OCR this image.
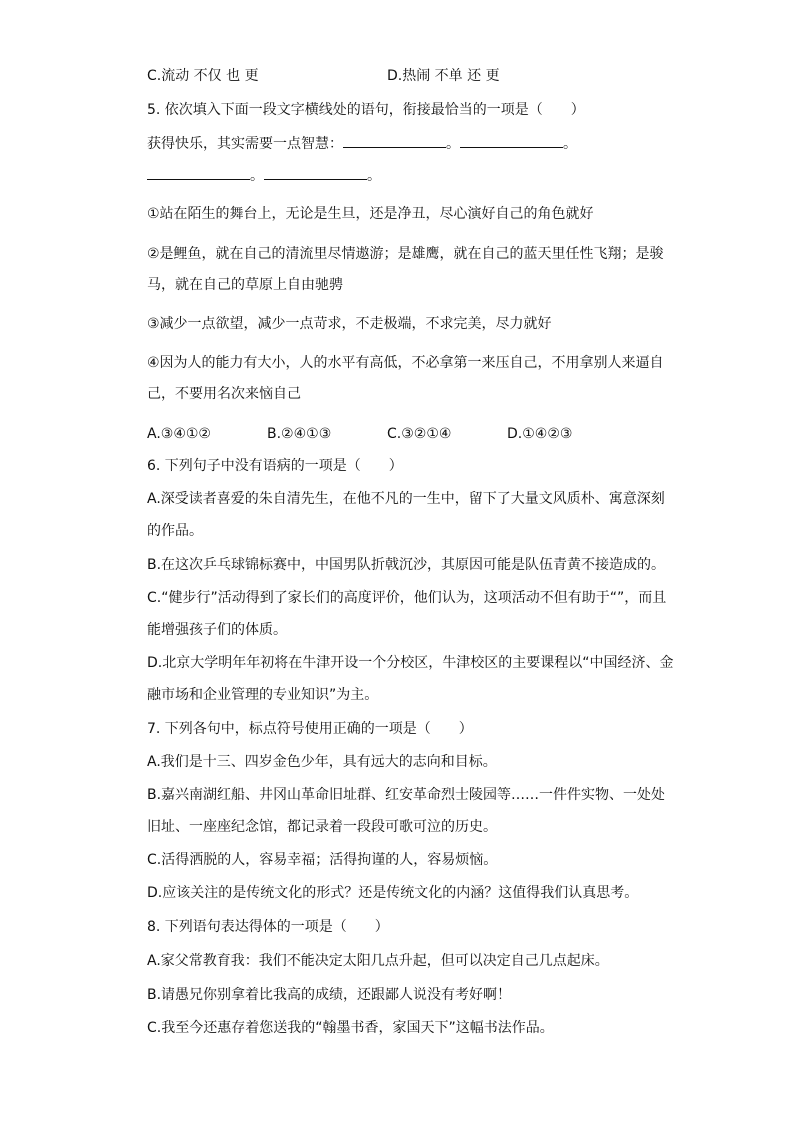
C.流动 不仅 也 更	D.热闹 不单 还 更
5. 依次填入下面一段文字横线处的语句，衔接最恰当的一项是（　　）
获得快乐，其实需要一点智慧：	。	。
。	。
①站在陌生的舞台上，无论是生旦，还是净丑，尽心演好自己的角色就好
②是鲤鱼，就在自己的清流里尽情遨游；是雄鹰，就在自己的蓝天里任性飞翔；是骏
马，就在自己的草原上自由驰骋
③减少一点欲望，减少一点苛求，不走极端，不求完美，尽力就好
④因为人的能力有大小，人的水平有高低，不必拿第一来压自己，不用拿别人来逼自
己，不要用名次来恼自己
A.③④①②	B.②④①③	C.③②①④	D.①④②③
6. 下列句子中没有语病的一项是（　　）
A.深受读者喜爱的朱自清先生，在他不凡的一生中，留下了大量文风质朴、寓意深刻
的作品。
B.在这次乒乓球锦标赛中，中国男队折戟沉沙，其原因可能是队伍青黄不接造成的。
C.“健步行”活动得到了家长们的高度评价，他们认为，这项活动不但有助于“”，而且
能增强孩子们的体质。
D.北京大学明年年初将在牛津开设一个分校区，牛津校区的主要课程以“中国经济、金
融市场和企业管理的专业知识”为主。
7. 下列各句中，标点符号使用正确的一项是（　　）
A.我们是十三、四岁金色少年，具有远大的志向和目标。
B.嘉兴南湖红船、井冈山革命旧址群、红安革命烈士陵园等……一件件实物、一处处
旧址、一座座纪念馆，都记录着一段段可歌可泣的历史。
C.活得洒脱的人，容易幸福；活得拘谨的人，容易烦恼。
D.应该关注的是传统文化的形式？还是传统文化的内涵？这值得我们认真思考。
8. 下列语句表达得体的一项是（　　）
A.家父常教育我：我们不能决定太阳几点升起，但可以决定自己几点起床。
B.请愚兄你别拿着比我高的成绩，还跟鄙人说没有考好啊！
C.我至今还惠存着您送我的“翰墨书香，家国天下”这幅书法作品。
